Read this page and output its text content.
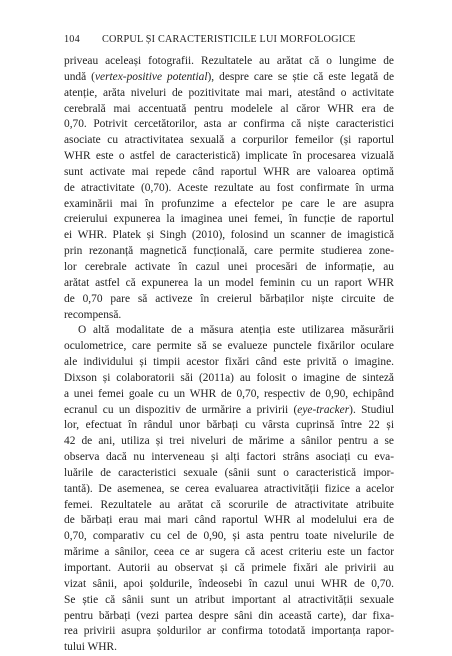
104 CORPUL ȘI CARACTERISTICILE LUI MORFOLOGICE
priveau aceleași fotografii. Rezultatele au arătat că o lungime de
undă (vertex-positive potential), despre care se știe că este legată de
atenție, arăta niveluri de pozitivitate mai mari, atestând o activitate
cerebrală mai accentuată pentru modelele al căror WHR era de
0,70. Potrivit cercetătorilor, asta ar confirma că niște caracteristici
asociate cu atractivitatea sexuală a corpurilor femeilor (și raportul
WHR este o astfel de caracteristică) implicate în procesarea vizuală
sunt activate mai repede când raportul WHR are valoarea optimă
de atractivitate (0,70). Aceste rezultate au fost confirmate în urma
examinării mai în profunzime a efectelor pe care le are asupra
creierului expunerea la imaginea unei femei, în funcție de raportul
ei WHR. Platek și Singh (2010), folosind un scanner de imagistică
prin rezonanță magnetică funcțională, care permite studierea zone-
lor cerebrale activate în cazul unei procesări de informație, au
arătat astfel că expunerea la un model feminin cu un raport WHR
de 0,70 pare să activeze în creierul bărbaților niște circuite de
recompensă.
O altă modalitate de a măsura atenția este utilizarea măsurării
oculometrice, care permite să se evalueze punctele fixărilor oculare
ale individului și timpii acestor fixări când este privită o imagine.
Dixson și colaboratorii săi (2011a) au folosit o imagine de sinteză
a unei femei goale cu un WHR de 0,70, respectiv de 0,90, echipând
ecranul cu un dispozitiv de urmărire a privirii (eye-tracker). Studiul
lor, efectuat în rândul unor bărbați cu vârsta cuprinsă între 22 și
42 de ani, utiliza și trei niveluri de mărime a sânilor pentru a se
observa dacă nu interveneau și alți factori strâns asociați cu eva-
luările de caracteristici sexuale (sânii sunt o caracteristică impor-
tantă). De asemenea, se cerea evaluarea atractivității fizice a acelor
femei. Rezultatele au arătat că scorurile de atractivitate atribuite
de bărbați erau mai mari când raportul WHR al modelului era de
0,70, comparativ cu cel de 0,90, și asta pentru toate nivelurile de
mărime a sânilor, ceea ce ar sugera că acest criteriu este un factor
important. Autorii au observat și că primele fixări ale privirii au
vizat sânii, apoi șoldurile, îndeosebi în cazul unui WHR de 0,70.
Se știe că sânii sunt un atribut important al atractivității sexuale
pentru bărbați (vezi partea despre sâni din această carte), dar fixa-
rea privirii asupra șoldurilor ar confirma totodată importanța rapor-
tului WHR.
